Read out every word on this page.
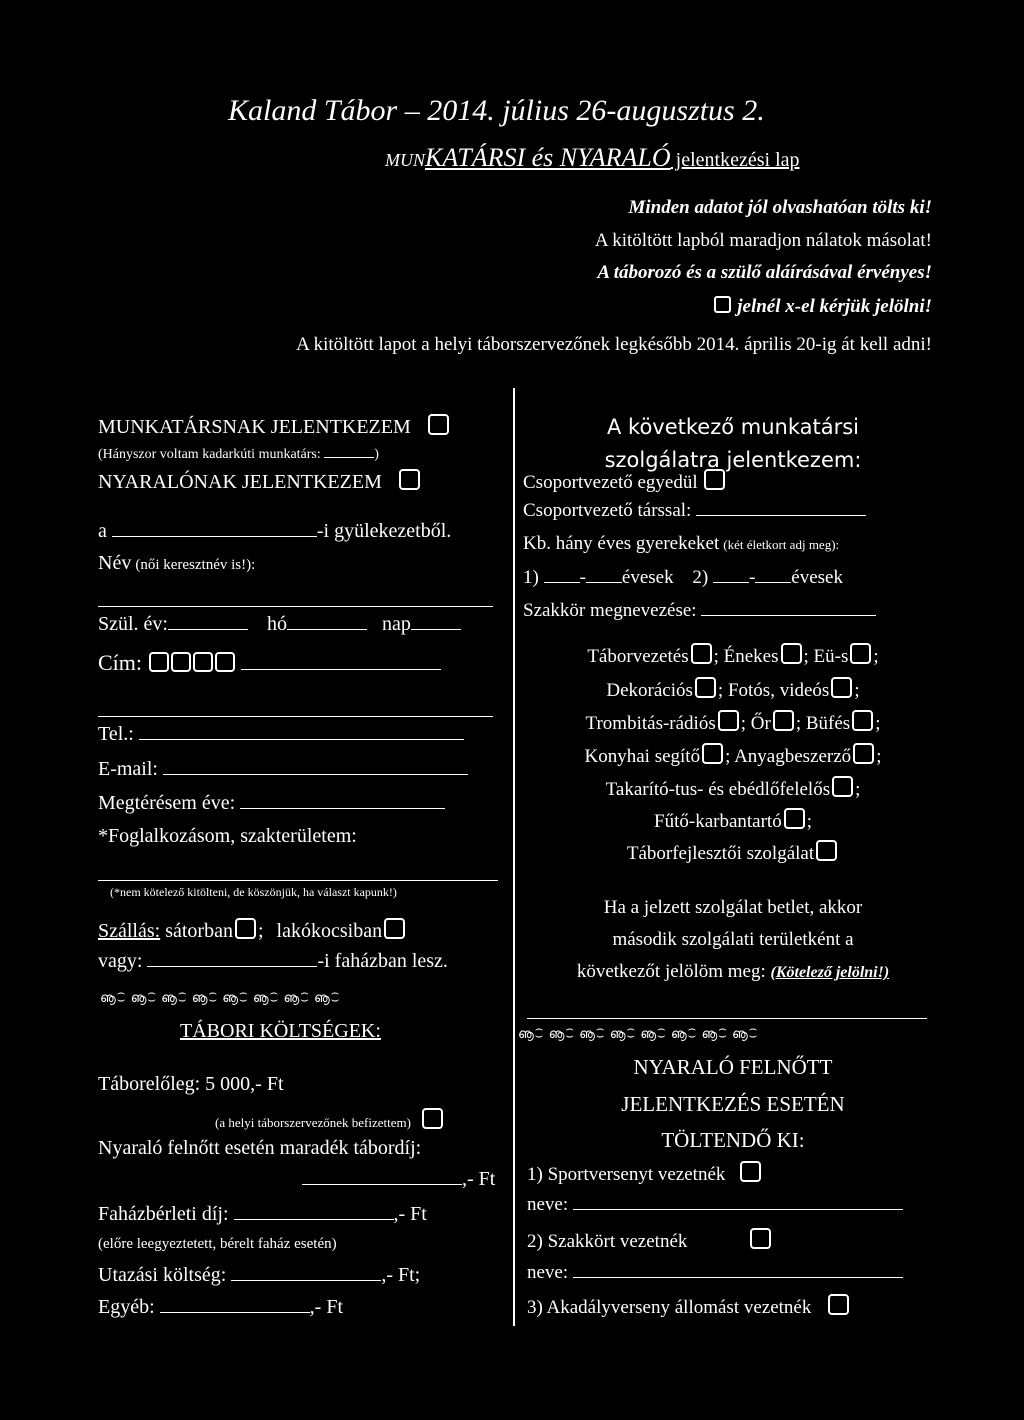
Kaland Tábor – 2014. július 26-augusztus 2.
MUNKATÁRSI és NYARALÓ jelentkezési lap
Minden adatot jól olvashatóan tölts ki!
A kitöltött lapból maradjon nálatok másolat!
A táborozó és a szülő aláírásával érvényes!
jelnél x-el kérjük jelölni!
A kitöltött lapot a helyi táborszervezőnek legkésőbb 2014. április 20-ig át kell adni!
MUNKATÁRSNAK JELENTKEZEM
(Hányszor voltam kadarkúti munkatárs:	)
NYARALÓNAK JELENTKEZEM
a	-i gyülekezetből.
Név (női keresztnév is!):
Szül. év:	hó	nap
Cím:
Tel.:
E-mail:
Megtérésem éve:
*Foglalkozásom, szakterületem:
(*nem kötelező kitölteni, de köszönjük, ha választ kapunk!)
Szállás: sátorban ; lakókocsiban
vagy:	-i faházban lesz.
ൡ⁐ ൡ⁐ ൡ⁐ ൡ⁐ ൡ⁐ ൡ⁐ ൡ⁐ ൡ⁐
TÁBORI KÖLTSÉGEK:
Táborelőleg: 5 000,- Ft
(a helyi táborszervezőnek befizettem)
Nyaraló felnőtt esetén maradék tábordíj:
,- Ft
Faházbérleti díj:	,- Ft
(előre leegyeztetett, bérelt faház esetén)
Utazási költség:	,- Ft;
Egyéb:	,- Ft
A következő munkatársi
szolgálatra jelentkezem:
Csoportvezető egyedül
Csoportvezető társsal:
Kb. hány éves gyerekeket (két életkort adj meg):
1) - évesek 2) - évesek
Szakkör megnevezése:
Táborvezetés ; Énekes ; Eü-s ;
Dekorációs ; Fotós, videós ;
Trombitás-rádiós ; Őr ; Büfés ;
Konyhai segítő ; Anyagbeszerző ;
Takarító-tus- és ebédlőfelelős ;
Fűtő-karbantartó ;
Táborfejlesztői szolgálat
Ha a jelzett szolgálat betlet, akkor
második szolgálati területként a
következőt jelölöm meg: (Kötelező jelölni!)
ൡ⁐ ൡ⁐ ൡ⁐ ൡ⁐ ൡ⁐ ൡ⁐ ൡ⁐ ൡ⁐
NYARALÓ FELNŐTT
JELENTKEZÉS ESETÉN
TÖLTENDŐ KI:
1) Sportversenyt vezetnék
neve:
2) Szakkört vezetnék
neve:
3) Akadályverseny állomást vezetnék
